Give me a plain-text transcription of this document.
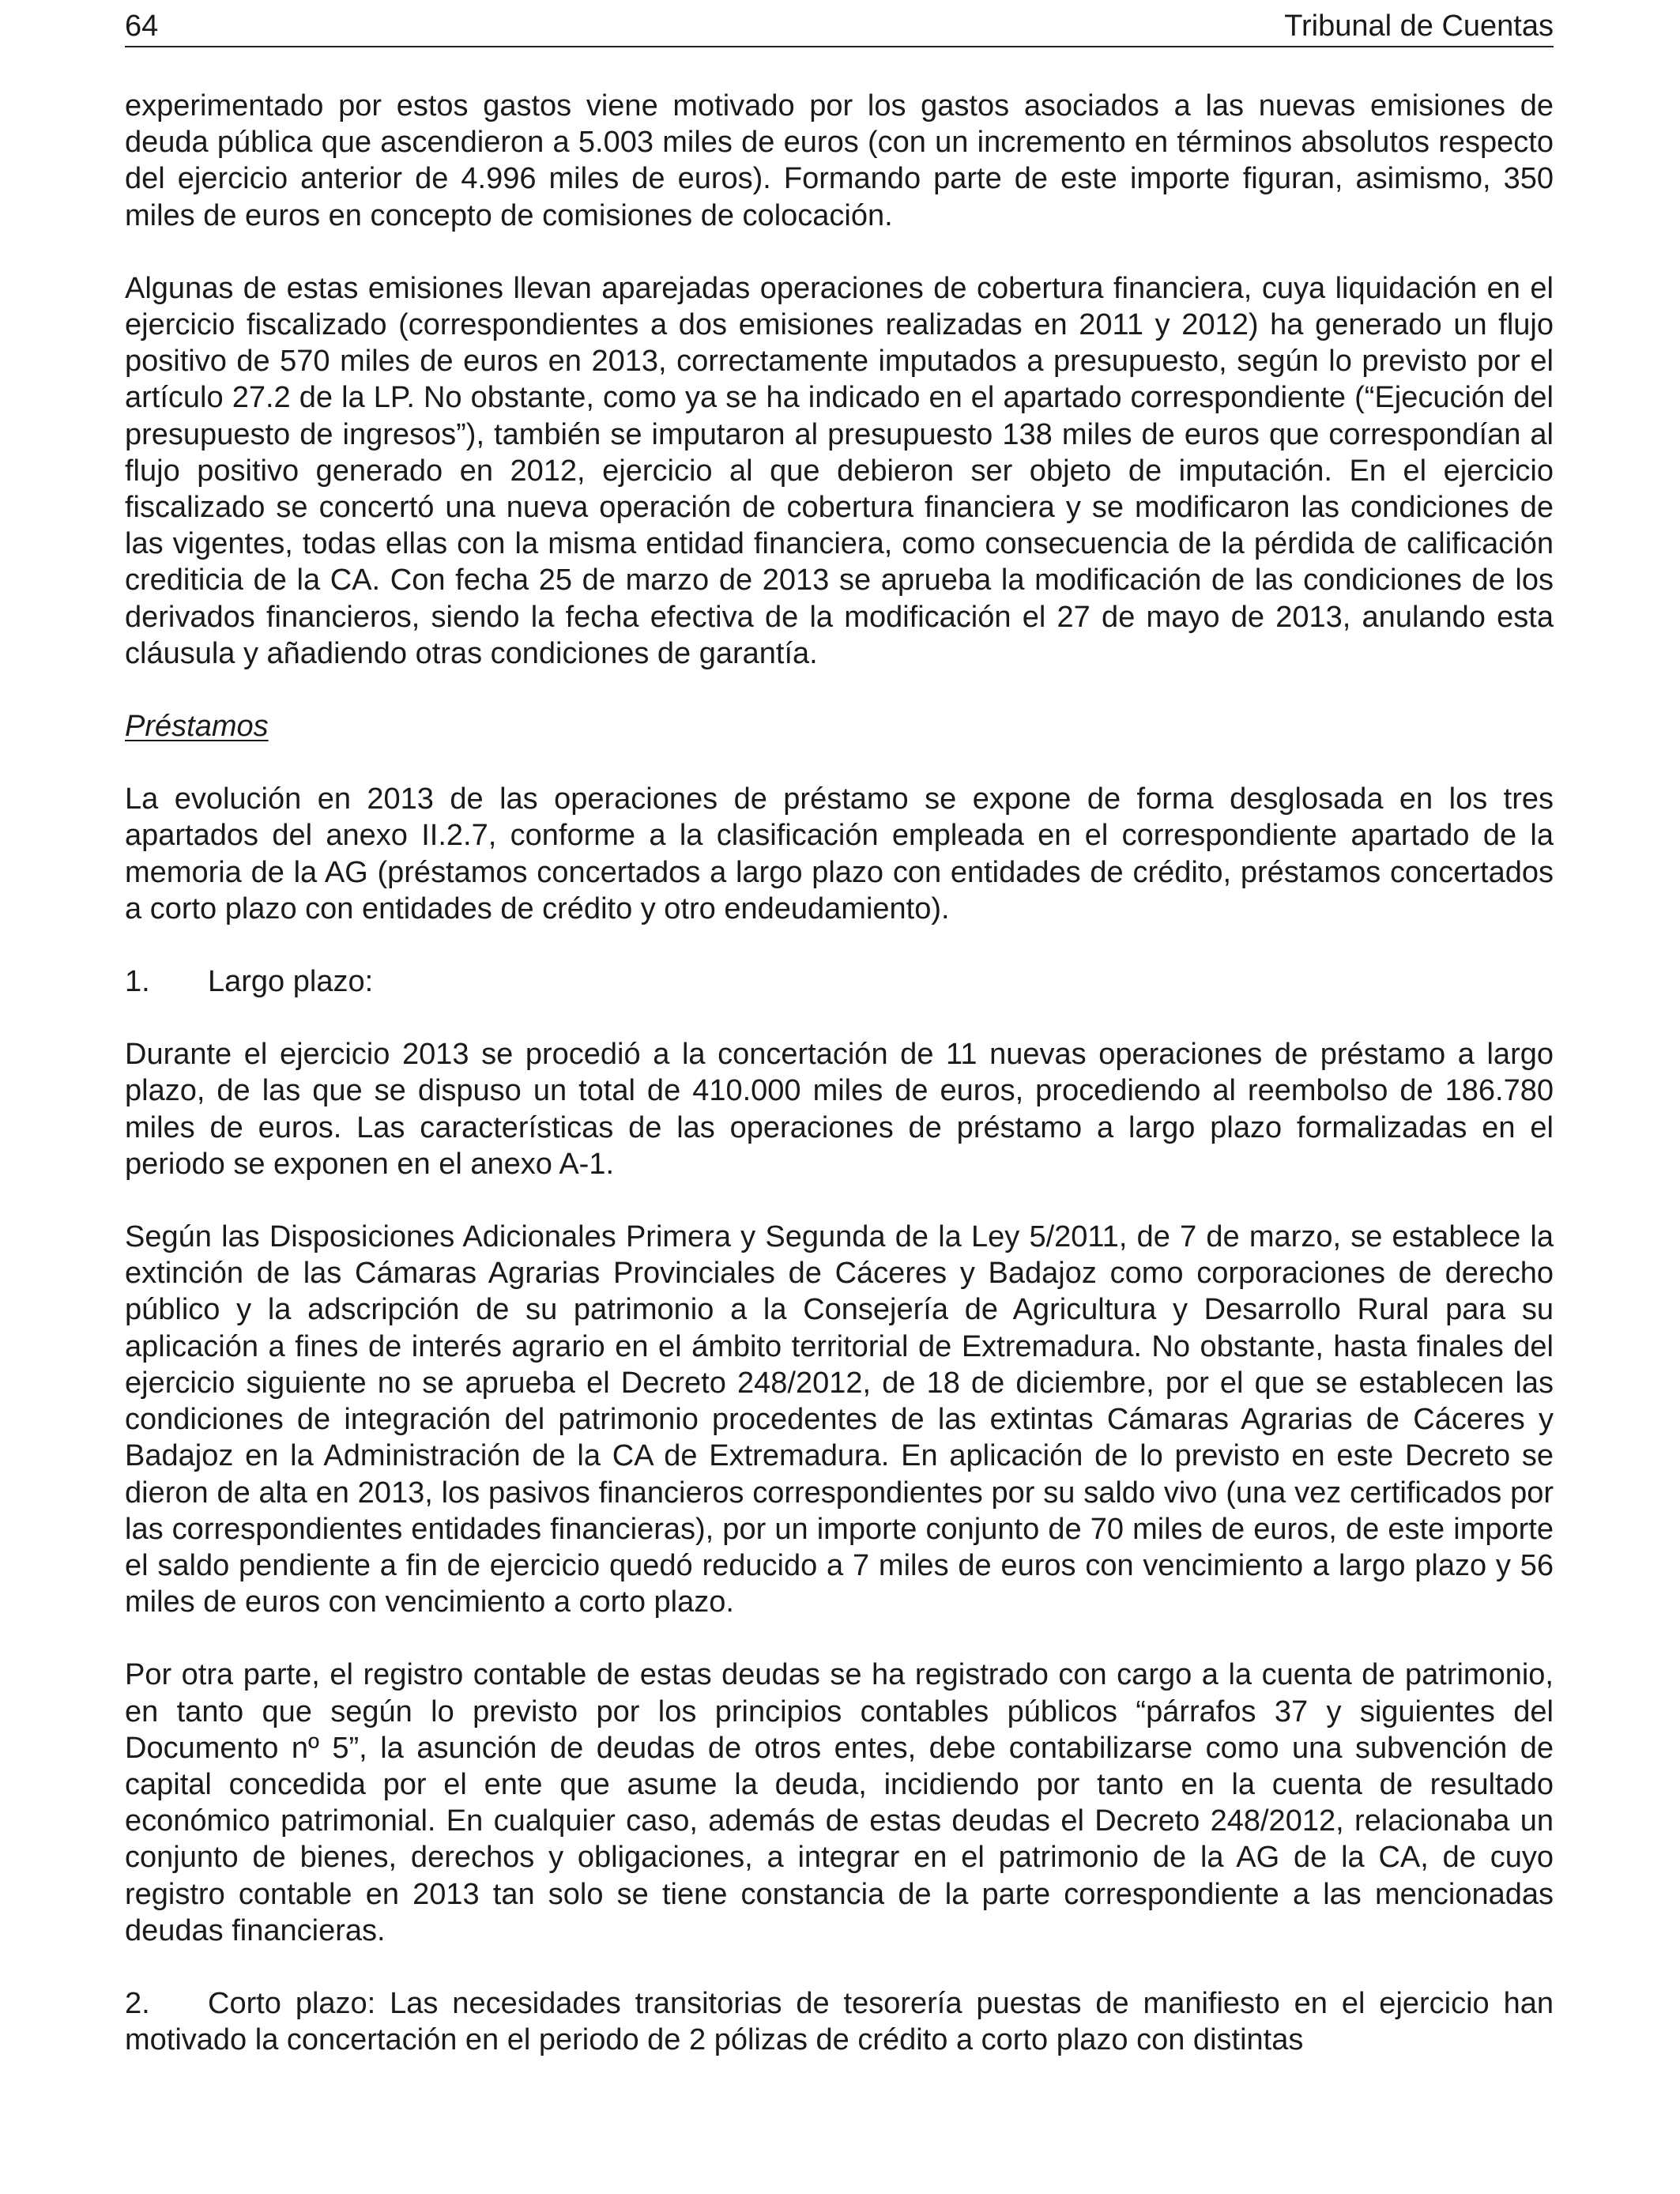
64	Tribunal de Cuentas

experimentado por estos gastos viene motivado por los gastos asociados a las nuevas emisiones de deuda pública que ascendieron a 5.003 miles de euros (con un incremento en términos absolutos respecto del ejercicio anterior de 4.996 miles de euros). Formando parte de este importe figuran, asimismo, 350 miles de euros en concepto de comisiones de colocación.

Algunas de estas emisiones llevan aparejadas operaciones de cobertura financiera, cuya liquidación en el ejercicio fiscalizado (correspondientes a dos emisiones realizadas en 2011 y 2012) ha generado un flujo positivo de 570 miles de euros en 2013, correctamente imputados a presupuesto, según lo previsto por el artículo 27.2 de la LP. No obstante, como ya se ha indicado en el apartado correspondiente (“Ejecución del presupuesto de ingresos”), también se imputaron al presupuesto 138 miles de euros que correspondían al flujo positivo generado en 2012, ejercicio al que debieron ser objeto de imputación. En el ejercicio fiscalizado se concertó una nueva operación de cobertura financiera y se modificaron las condiciones de las vigentes, todas ellas con la misma entidad financiera, como consecuencia de la pérdida de calificación crediticia de la CA. Con fecha 25 de marzo de 2013 se aprueba la modificación de las condiciones de los derivados financieros, siendo la fecha efectiva de la modificación el 27 de mayo de 2013, anulando esta cláusula y añadiendo otras condiciones de garantía.

Préstamos

La evolución en 2013 de las operaciones de préstamo se expone de forma desglosada en los tres apartados del anexo II.2.7, conforme a la clasificación empleada en el correspondiente apartado de la memoria de la AG (préstamos concertados a largo plazo con entidades de crédito, préstamos concertados a corto plazo con entidades de crédito y otro endeudamiento).

1. Largo plazo:

Durante el ejercicio 2013 se procedió a la concertación de 11 nuevas operaciones de préstamo a largo plazo, de las que se dispuso un total de 410.000 miles de euros, procediendo al reembolso de 186.780 miles de euros. Las características de las operaciones de préstamo a largo plazo formalizadas en el periodo se exponen en el anexo A-1.

Según las Disposiciones Adicionales Primera y Segunda de la Ley 5/2011, de 7 de marzo, se establece la extinción de las Cámaras Agrarias Provinciales de Cáceres y Badajoz como corporaciones de derecho público y la adscripción de su patrimonio a la Consejería de Agricultura y Desarrollo Rural para su aplicación a fines de interés agrario en el ámbito territorial de Extremadura. No obstante, hasta finales del ejercicio siguiente no se aprueba el Decreto 248/2012, de 18 de diciembre, por el que se establecen las condiciones de integración del patrimonio procedentes de las extintas Cámaras Agrarias de Cáceres y Badajoz en la Administración de la CA de Extremadura. En aplicación de lo previsto en este Decreto se dieron de alta en 2013, los pasivos financieros correspondientes por su saldo vivo (una vez certificados por las correspondientes entidades financieras), por un importe conjunto de 70 miles de euros, de este importe el saldo pendiente a fin de ejercicio quedó reducido a 7 miles de euros con vencimiento a largo plazo y 56 miles de euros con vencimiento a corto plazo.

Por otra parte, el registro contable de estas deudas se ha registrado con cargo a la cuenta de patrimonio, en tanto que según lo previsto por los principios contables públicos “párrafos 37 y siguientes del Documento nº 5”, la asunción de deudas de otros entes, debe contabilizarse como una subvención de capital concedida por el ente que asume la deuda, incidiendo por tanto en la cuenta de resultado económico patrimonial. En cualquier caso, además de estas deudas el Decreto 248/2012, relacionaba un conjunto de bienes, derechos y obligaciones, a integrar en el patrimonio de la AG de la CA, de cuyo registro contable en 2013 tan solo se tiene constancia de la parte correspondiente a las mencionadas deudas financieras.

2. Corto plazo: Las necesidades transitorias de tesorería puestas de manifiesto en el ejercicio han motivado la concertación en el periodo de 2 pólizas de crédito a corto plazo con distintas
